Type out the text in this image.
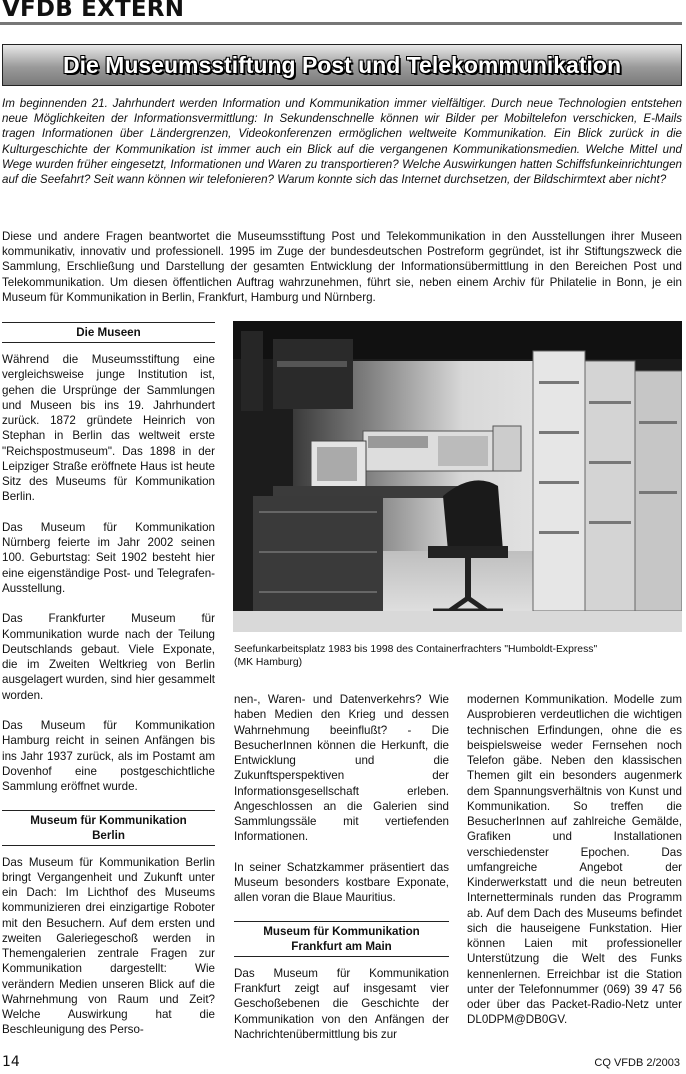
VFDB EXTERN
Die Museumsstiftung Post und Telekommunikation
Im beginnenden 21. Jahrhundert werden Information und Kommunikation immer vielfältiger. Durch neue Technologien entstehen neue Möglichkeiten der Informationsvermittlung: In Sekundenschnelle können wir Bilder per Mobiltelefon verschicken, E-Mails tragen Informationen über Ländergrenzen, Videokonferenzen ermöglichen weltweite Kommunikation. Ein Blick zurück in die Kulturgeschichte der Kommunikation ist immer auch ein Blick auf die vergangenen Kommunikationsmedien. Welche Mittel und Wege wurden früher eingesetzt, Informationen und Waren zu transportieren? Welche Auswirkungen hatten Schiffsfunkeinrichtungen auf die Seefahrt? Seit wann können wir telefonieren? Warum konnte sich das Internet durchsetzen, der Bildschirmtext aber nicht?
Diese und andere Fragen beantwortet die Museumsstiftung Post und Telekommunikation in den Ausstellungen ihrer Museen kommunikativ, innovativ und professionell. 1995 im Zuge der bundesdeutschen Postreform gegründet, ist ihr Stiftungszweck die Sammlung, Erschließung und Darstellung der gesamten Entwicklung der Informationsübermittlung in den Bereichen Post und Telekommunikation. Um diesen öffentlichen Auftrag wahrzunehmen, führt sie, neben einem Archiv für Philatelie in Bonn, je ein Museum für Kommunikation in Berlin, Frankfurt, Hamburg und Nürnberg.
Die Museen

Während die Museumsstiftung eine vergleichsweise junge Institution ist, gehen die Ursprünge der Sammlungen und Museen bis ins 19. Jahrhundert zurück. 1872 gründete Heinrich von Stephan in Berlin das weltweit erste "Reichspostmuseum". Das 1898 in der Leipziger Straße eröffnete Haus ist heute Sitz des Museums für Kommunikation Berlin.

Das Museum für Kommunikation Nürnberg feierte im Jahr 2002 seinen 100. Geburtstag: Seit 1902 besteht hier eine eigenständige Post- und Telegrafen-Ausstellung.

Das Frankfurter Museum für Kommunikation wurde nach der Teilung Deutschlands gebaut. Viele Exponate, die im Zweiten Weltkrieg von Berlin ausgelagert wurden, sind hier gesammelt worden.

Das Museum für Kommunikation Hamburg reicht in seinen Anfängen bis ins Jahr 1937 zurück, als im Postamt am Dovenhof eine postgeschichtliche Sammlung eröffnet wurde.

Museum für Kommunikation
Berlin

Das Museum für Kommunikation Berlin bringt Vergangenheit und Zukunft unter ein Dach: Im Lichthof des Museums kommunizieren drei einzigartige Roboter mit den Besuchern. Auf dem ersten und zweiten Galeriegeschoß werden in Themengalerien zentrale Fragen zur Kommunikation dargestellt: Wie verändern Medien unseren Blick auf die Wahrnehmung von Raum und Zeit? Welche Auswirkung hat die Beschleunigung des Perso-

Seefunkarbeitsplatz 1983 bis 1998 des Containerfrachters "Humboldt-Express"
(MK Hamburg)

nen-, Waren- und Datenverkehrs? Wie haben Medien den Krieg und dessen Wahrnehmung beeinflußt? - Die BesucherInnen können die Herkunft, die Entwicklung und die Zukunftsperspektiven der Informationsgesellschaft erleben. Angeschlossen an die Galerien sind Sammlungssäle mit vertiefenden Informationen.

In seiner Schatzkammer präsentiert das Museum besonders kostbare Exponate, allen voran die Blaue Mauritius.

Museum für Kommunikation
Frankfurt am Main

Das Museum für Kommunikation Frankfurt zeigt auf insgesamt vier Geschoßebenen die Geschichte der Kommunikation von den Anfängen der Nachrichtenübermittlung bis zur

modernen Kommunikation. Modelle zum Ausprobieren verdeutlichen die wichtigen technischen Erfindungen, ohne die es beispielsweise weder Fernsehen noch Telefon gäbe. Neben den klassischen Themen gilt ein besonders augenmerk dem Spannungsverhältnis von Kunst und Kommunikation. So treffen die BesucherInnen auf zahlreiche Gemälde, Grafiken und Installationen verschiedenster Epochen. Das umfangreiche Angebot der Kinderwerkstatt und die neun betreuten Internetterminals runden das Programm ab. Auf dem Dach des Museums befindet sich die hauseigene Funkstation. Hier können Laien mit professioneller Unterstützung die Welt des Funks kennenlernen. Erreichbar ist die Station unter der Telefonnummer (069) 39 47 56 oder über das Packet-Radio-Netz unter DL0DPM@DB0GV.

14	CQ VFDB 2/2003
